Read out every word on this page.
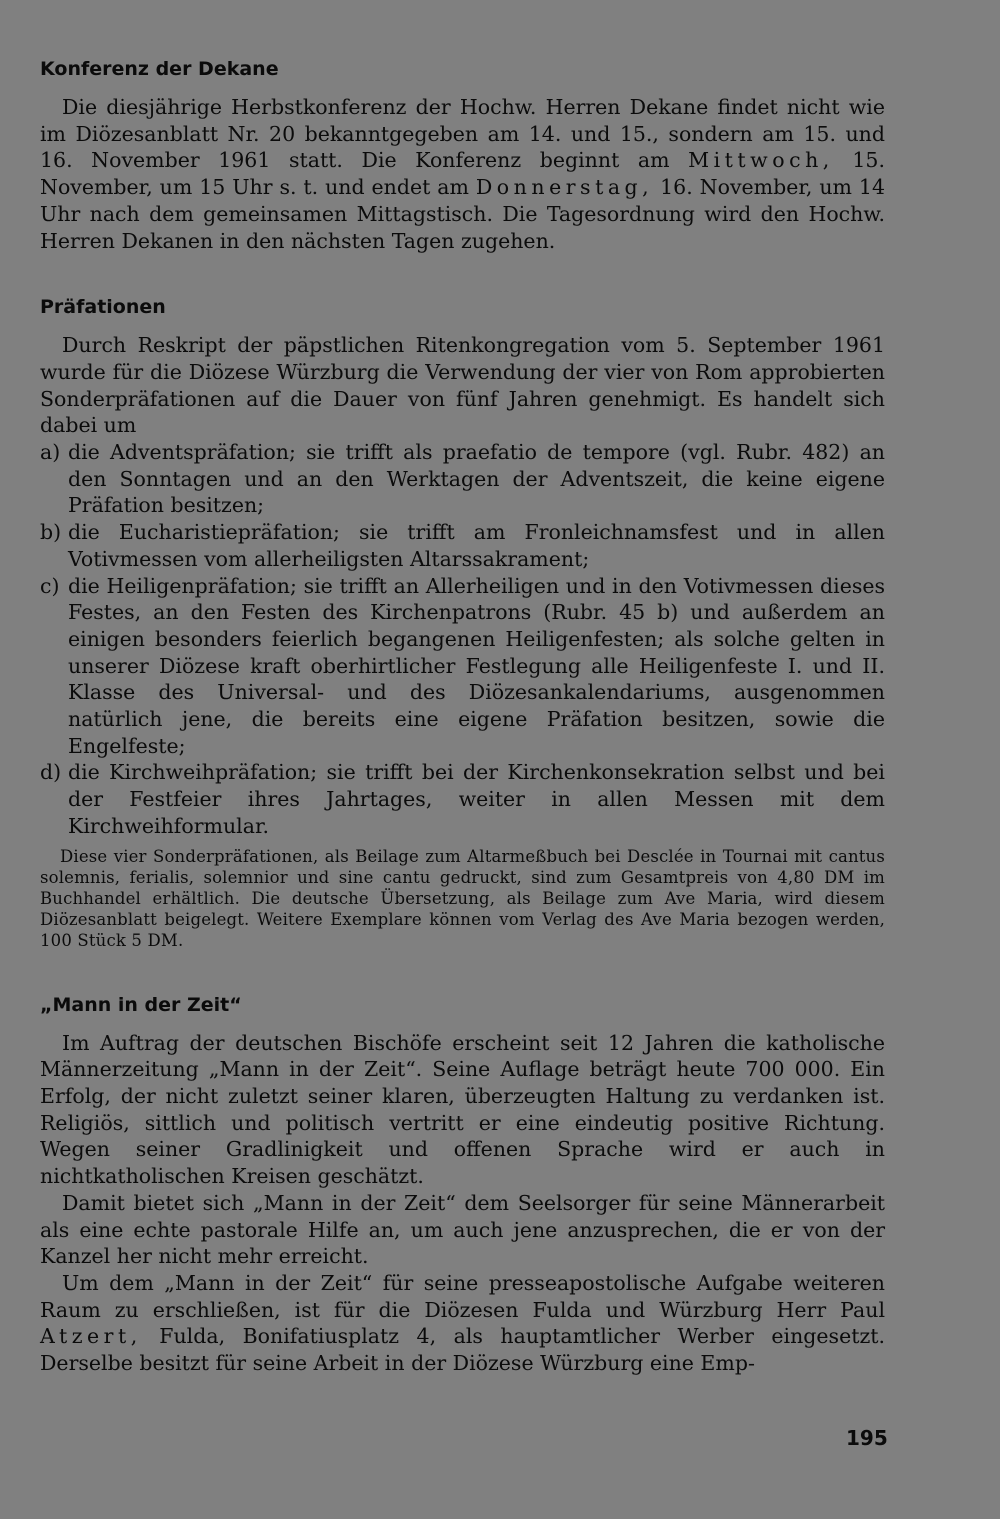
Konferenz der Dekane

Die diesjährige Herbstkonferenz der Hochw. Herren Dekane findet nicht wie im Diözesanblatt Nr. 20 bekanntgegeben am 14. und 15., sondern am 15. und 16. November 1961 statt. Die Konferenz beginnt am Mittwoch, 15. November, um 15 Uhr s. t. und endet am Donnerstag, 16. November, um 14 Uhr nach dem gemeinsamen Mittagstisch. Die Tagesordnung wird den Hochw. Herren Dekanen in den nächsten Tagen zugehen.

Präfationen

Durch Reskript der päpstlichen Ritenkongregation vom 5. September 1961 wurde für die Diözese Würzburg die Verwendung der vier von Rom approbierten Sonderpräfationen auf die Dauer von fünf Jahren genehmigt. Es handelt sich dabei um

a) die Adventspräfation; sie trifft als praefatio de tempore (vgl. Rubr. 482) an den Sonntagen und an den Werktagen der Adventszeit, die keine eigene Präfation besitzen;
b) die Eucharistiepräfation; sie trifft am Fronleichnamsfest und in allen Votivmessen vom allerheiligsten Altarssakrament;
c) die Heiligenpräfation; sie trifft an Allerheiligen und in den Votivmessen dieses Festes, an den Festen des Kirchenpatrons (Rubr. 45 b) und außerdem an einigen besonders feierlich begangenen Heiligenfesten; als solche gelten in unserer Diözese kraft oberhirtlicher Festlegung alle Heiligenfeste I. und II. Klasse des Universal- und des Diözesankalendariums, ausgenommen natürlich jene, die bereits eine eigene Präfation besitzen, sowie die Engelfeste;
d) die Kirchweihpräfation; sie trifft bei der Kirchenkonsekration selbst und bei der Festfeier ihres Jahrtages, weiter in allen Messen mit dem Kirchweihformular.

Diese vier Sonderpräfationen, als Beilage zum Altarmeßbuch bei Desclée in Tournai mit cantus solemnis, ferialis, solemnior und sine cantu gedruckt, sind zum Gesamtpreis von 4,80 DM im Buchhandel erhältlich. Die deutsche Übersetzung, als Beilage zum Ave Maria, wird diesem Diözesanblatt beigelegt. Weitere Exemplare können vom Verlag des Ave Maria bezogen werden, 100 Stück 5 DM.

„Mann in der Zeit“

Im Auftrag der deutschen Bischöfe erscheint seit 12 Jahren die katholische Männerzeitung „Mann in der Zeit“. Seine Auflage beträgt heute 700 000. Ein Erfolg, der nicht zuletzt seiner klaren, überzeugten Haltung zu verdanken ist. Religiös, sittlich und politisch vertritt er eine eindeutig positive Richtung. Wegen seiner Gradlinigkeit und offenen Sprache wird er auch in nichtkatholischen Kreisen geschätzt.

Damit bietet sich „Mann in der Zeit“ dem Seelsorger für seine Männerarbeit als eine echte pastorale Hilfe an, um auch jene anzusprechen, die er von der Kanzel her nicht mehr erreicht.

Um dem „Mann in der Zeit“ für seine presseapostolische Aufgabe weiteren Raum zu erschließen, ist für die Diözesen Fulda und Würzburg Herr Paul Atzert, Fulda, Bonifatiusplatz 4, als hauptamtlicher Werber eingesetzt. Derselbe besitzt für seine Arbeit in der Diözese Würzburg eine Emp-

195
